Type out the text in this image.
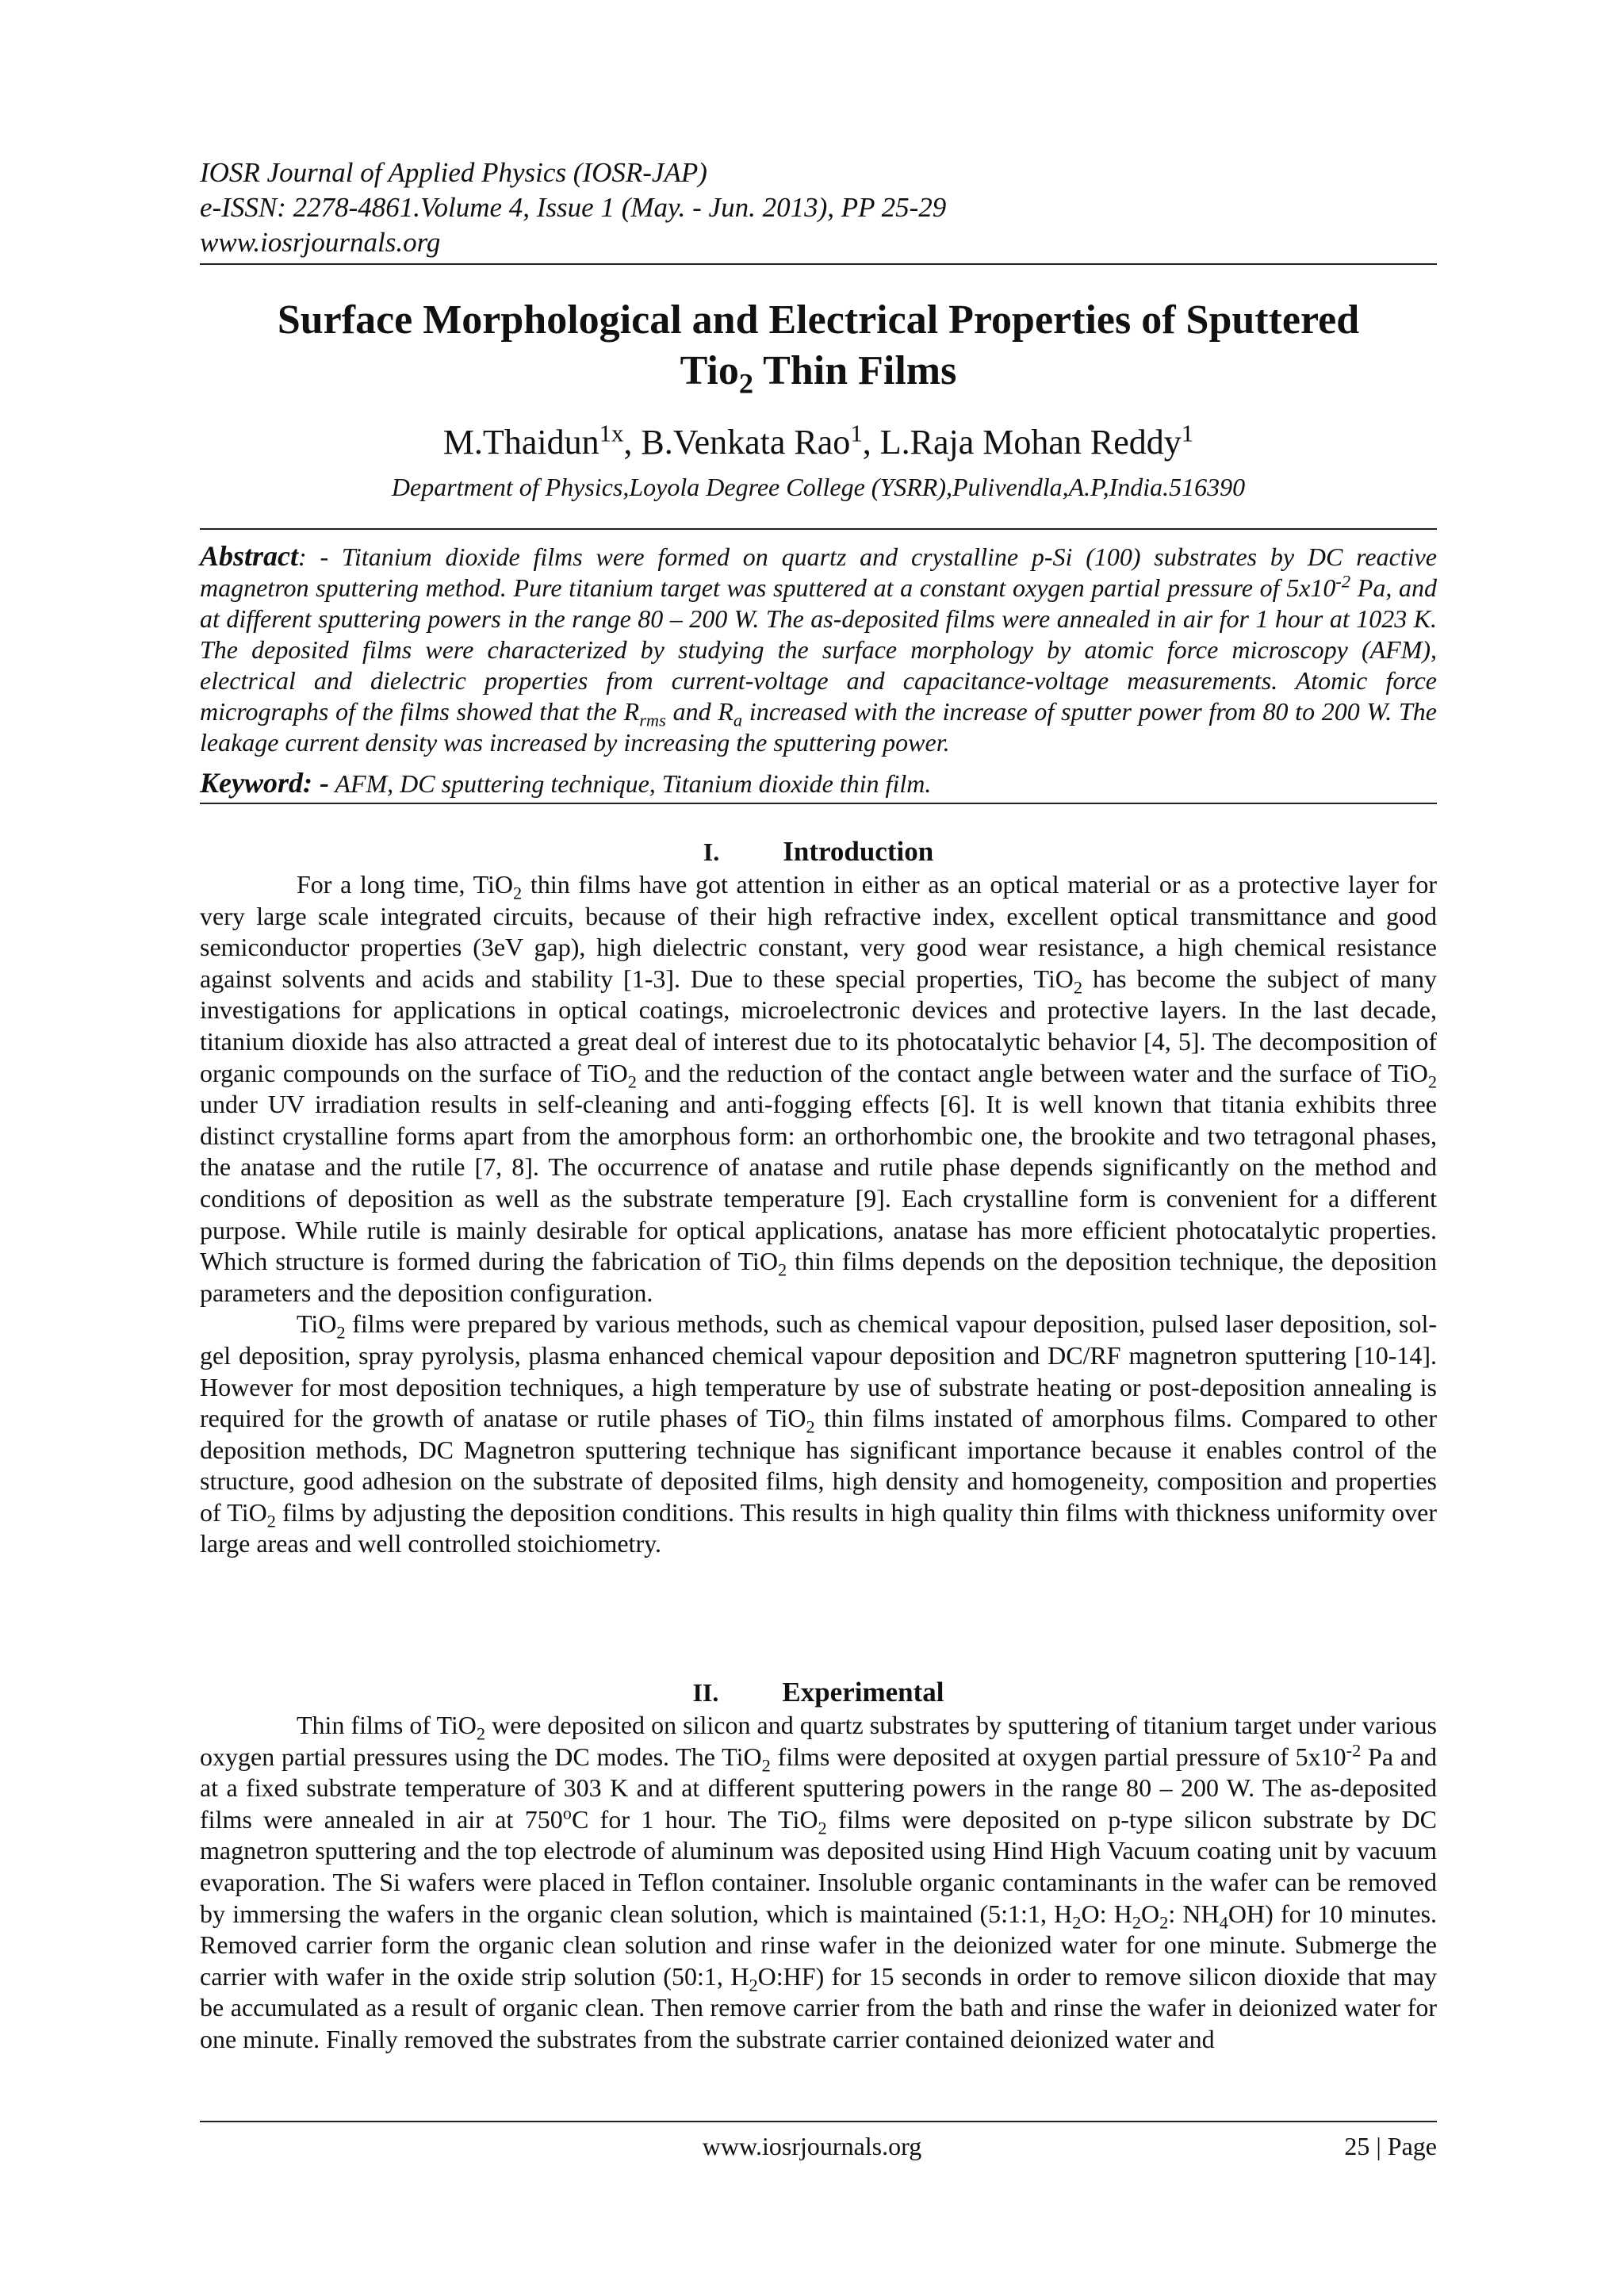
IOSR Journal of Applied Physics (IOSR-JAP)
e-ISSN: 2278-4861.Volume 4, Issue 1 (May. - Jun. 2013), PP 25-29
www.iosrjournals.org
Surface Morphological and Electrical Properties of Sputtered
Tio$_2$ Thin Films
M.Thaidun$^{1x}$, B.Venkata Rao$^1$, L.Raja Mohan Reddy$^1$
Department of Physics,Loyola Degree College (YSRR),Pulivendla,A.P,India.516390
Abstract: - Titanium dioxide films were formed on quartz and crystalline p-Si (100) substrates by DC reactive magnetron sputtering method. Pure titanium target was sputtered at a constant oxygen partial pressure of $5x10^{-2}$ Pa, and at different sputtering powers in the range 80 – 200 W. The as-deposited films were annealed in air for 1 hour at 1023 K. The deposited films were characterized by studying the surface morphology by atomic force microscopy (AFM), electrical and dielectric properties from current-voltage and capacitance-voltage measurements. Atomic force micrographs of the films showed that the $R_{rms}$ and $R_a$ increased with the increase of sputter power from 80 to 200 W. The leakage current density was increased by increasing the sputtering power.
Keyword: - AFM, DC sputtering technique, Titanium dioxide thin film.
I. Introduction

For a long time, TiO$_2$ thin films have got attention in either as an optical material or as a protective layer for very large scale integrated circuits, because of their high refractive index, excellent optical transmittance and good semiconductor properties (3eV gap), high dielectric constant, very good wear resistance, a high chemical resistance against solvents and acids and stability [1-3]. Due to these special properties, TiO$_2$ has become the subject of many investigations for applications in optical coatings, microelectronic devices and protective layers. In the last decade, titanium dioxide has also attracted a great deal of interest due to its photocatalytic behavior [4, 5]. The decomposition of organic compounds on the surface of TiO$_2$ and the reduction of the contact angle between water and the surface of TiO$_2$ under UV irradiation results in self-cleaning and anti-fogging effects [6]. It is well known that titania exhibits three distinct crystalline forms apart from the amorphous form: an orthorhombic one, the brookite and two tetragonal phases, the anatase and the rutile [7, 8]. The occurrence of anatase and rutile phase depends significantly on the method and conditions of deposition as well as the substrate temperature [9]. Each crystalline form is convenient for a different purpose. While rutile is mainly desirable for optical applications, anatase has more efficient photocatalytic properties. Which structure is formed during the fabrication of TiO$_2$ thin films depends on the deposition technique, the deposition parameters and the deposition configuration.

TiO$_2$ films were prepared by various methods, such as chemical vapour deposition, pulsed laser deposition, sol-gel deposition, spray pyrolysis, plasma enhanced chemical vapour deposition and DC/RF magnetron sputtering [10-14]. However for most deposition techniques, a high temperature by use of substrate heating or post-deposition annealing is required for the growth of anatase or rutile phases of TiO$_2$ thin films instated of amorphous films. Compared to other deposition methods, DC Magnetron sputtering technique has significant importance because it enables control of the structure, good adhesion on the substrate of deposited films, high density and homogeneity, composition and properties of TiO$_2$ films by adjusting the deposition conditions. This results in high quality thin films with thickness uniformity over large areas and well controlled stoichiometry.

II. Experimental

Thin films of TiO$_2$ were deposited on silicon and quartz substrates by sputtering of titanium target under various oxygen partial pressures using the DC modes. The TiO$_2$ films were deposited at oxygen partial pressure of $5x10^{-2}$ Pa and at a fixed substrate temperature of 303 K and at different sputtering powers in the range 80 – 200 W. The as-deposited films were annealed in air at 750$^o$C for 1 hour. The TiO$_2$ films were deposited on p-type silicon substrate by DC magnetron sputtering and the top electrode of aluminum was deposited using Hind High Vacuum coating unit by vacuum evaporation. The Si wafers were placed in Teflon container. Insoluble organic contaminants in the wafer can be removed by immersing the wafers in the organic clean solution, which is maintained (5:1:1, $H_2O$: $H_2O_2$: $NH_4OH$) for 10 minutes. Removed carrier form the organic clean solution and rinse wafer in the deionized water for one minute. Submerge the carrier with wafer in the oxide strip solution (50:1, $H_2O:HF$) for 15 seconds in order to remove silicon dioxide that may be accumulated as a result of organic clean. Then remove carrier from the bath and rinse the wafer in deionized water for one minute. Finally removed the substrates from the substrate carrier contained deionized water and

www.iosrjournals.org	25 | Page
